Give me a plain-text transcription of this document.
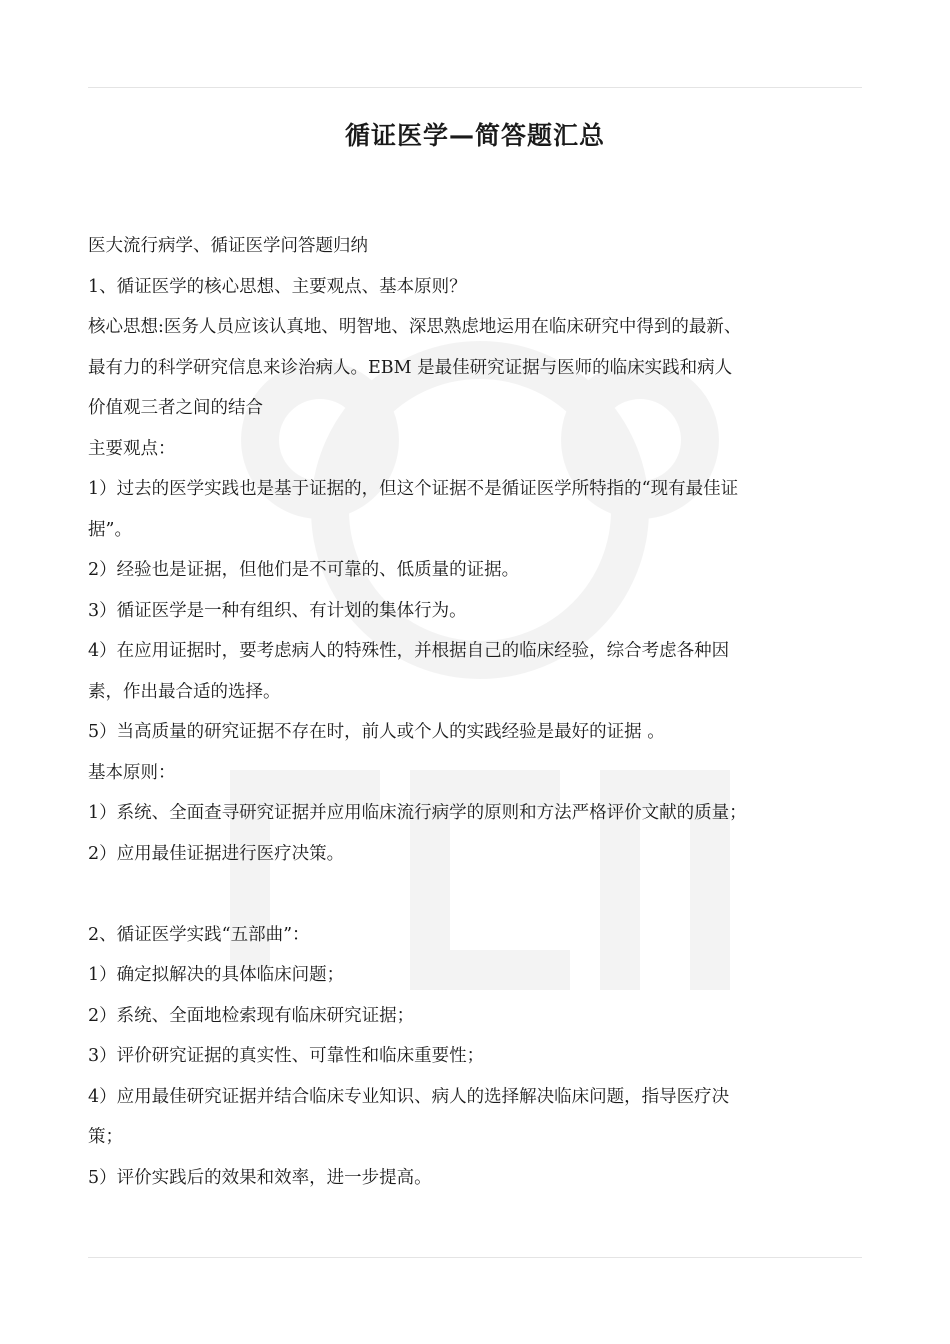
循证医学—简答题汇总

医大流行病学、循证医学问答题归纳

1、循证医学的核心思想、主要观点、基本原则？

核心思想:医务人员应该认真地、明智地、深思熟虑地运用在临床研究中得到的最新、

最有力的科学研究信息来诊治病人。EBM 是最佳研究证据与医师的临床实践和病人

价值观三者之间的结合

主要观点：

1）过去的医学实践也是基于证据的，但这个证据不是循证医学所特指的“现有最佳证

据”。

2）经验也是证据，但他们是不可靠的、低质量的证据。

3）循证医学是一种有组织、有计划的集体行为。

4）在应用证据时，要考虑病人的特殊性，并根据自己的临床经验，综合考虑各种因

素，作出最合适的选择。

5）当高质量的研究证据不存在时，前人或个人的实践经验是最好的证据 。

基本原则：

1）系统、全面查寻研究证据并应用临床流行病学的原则和方法严格评价文献的质量；

2）应用最佳证据进行医疗决策。

2、循证医学实践“五部曲”：

1）确定拟解决的具体临床问题；

2）系统、全面地检索现有临床研究证据；

3）评价研究证据的真实性、可靠性和临床重要性；

4）应用最佳研究证据并结合临床专业知识、病人的选择解决临床问题，指导医疗决

策；

5）评价实践后的效果和效率，进一步提高。
